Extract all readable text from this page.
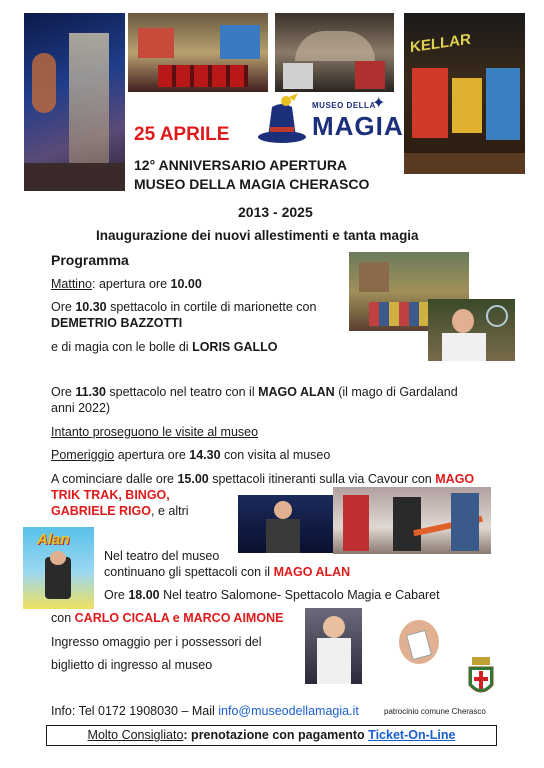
KELLAR
MUSEO DELLA
✦
MAGIA
25 APRILE
12° ANNIVERSARIO APERTURA
MUSEO DELLA MAGIA CHERASCO
2013 - 2025
Inaugurazione dei nuovi allestimenti e tanta magia
Programma
Mattino: apertura ore 10.00
Ore 10.30 spettacolo in cortile di marionette con
DEMETRIO BAZZOTTI
e di magia con le bolle di LORIS GALLO
Ore 11.30 spettacolo nel teatro con il MAGO ALAN (il mago di Gardaland
anni 2022)
Intanto proseguono le visite al museo
Pomeriggio apertura ore 14.30 con visita al museo
A cominciare dalle ore 15.00 spettacoli itineranti sulla via Cavour con MAGO
TRIK TRAK, BINGO,
GABRIELE RIGO, e altri
Nel teatro del museo
continuano gli spettacoli con il MAGO ALAN
Ore 18.00 Nel teatro Salomone- Spettacolo Magia e Cabaret
con CARLO CICALA e MARCO AIMONE
Ingresso omaggio per i possessori del
biglietto di ingresso al museo
Alan
Info: Tel 0172 1908030 – Mail info@museodellamagia.it	patrocinio comune Cherasco
Molto Consigliato: prenotazione con pagamento Ticket-On-Line
